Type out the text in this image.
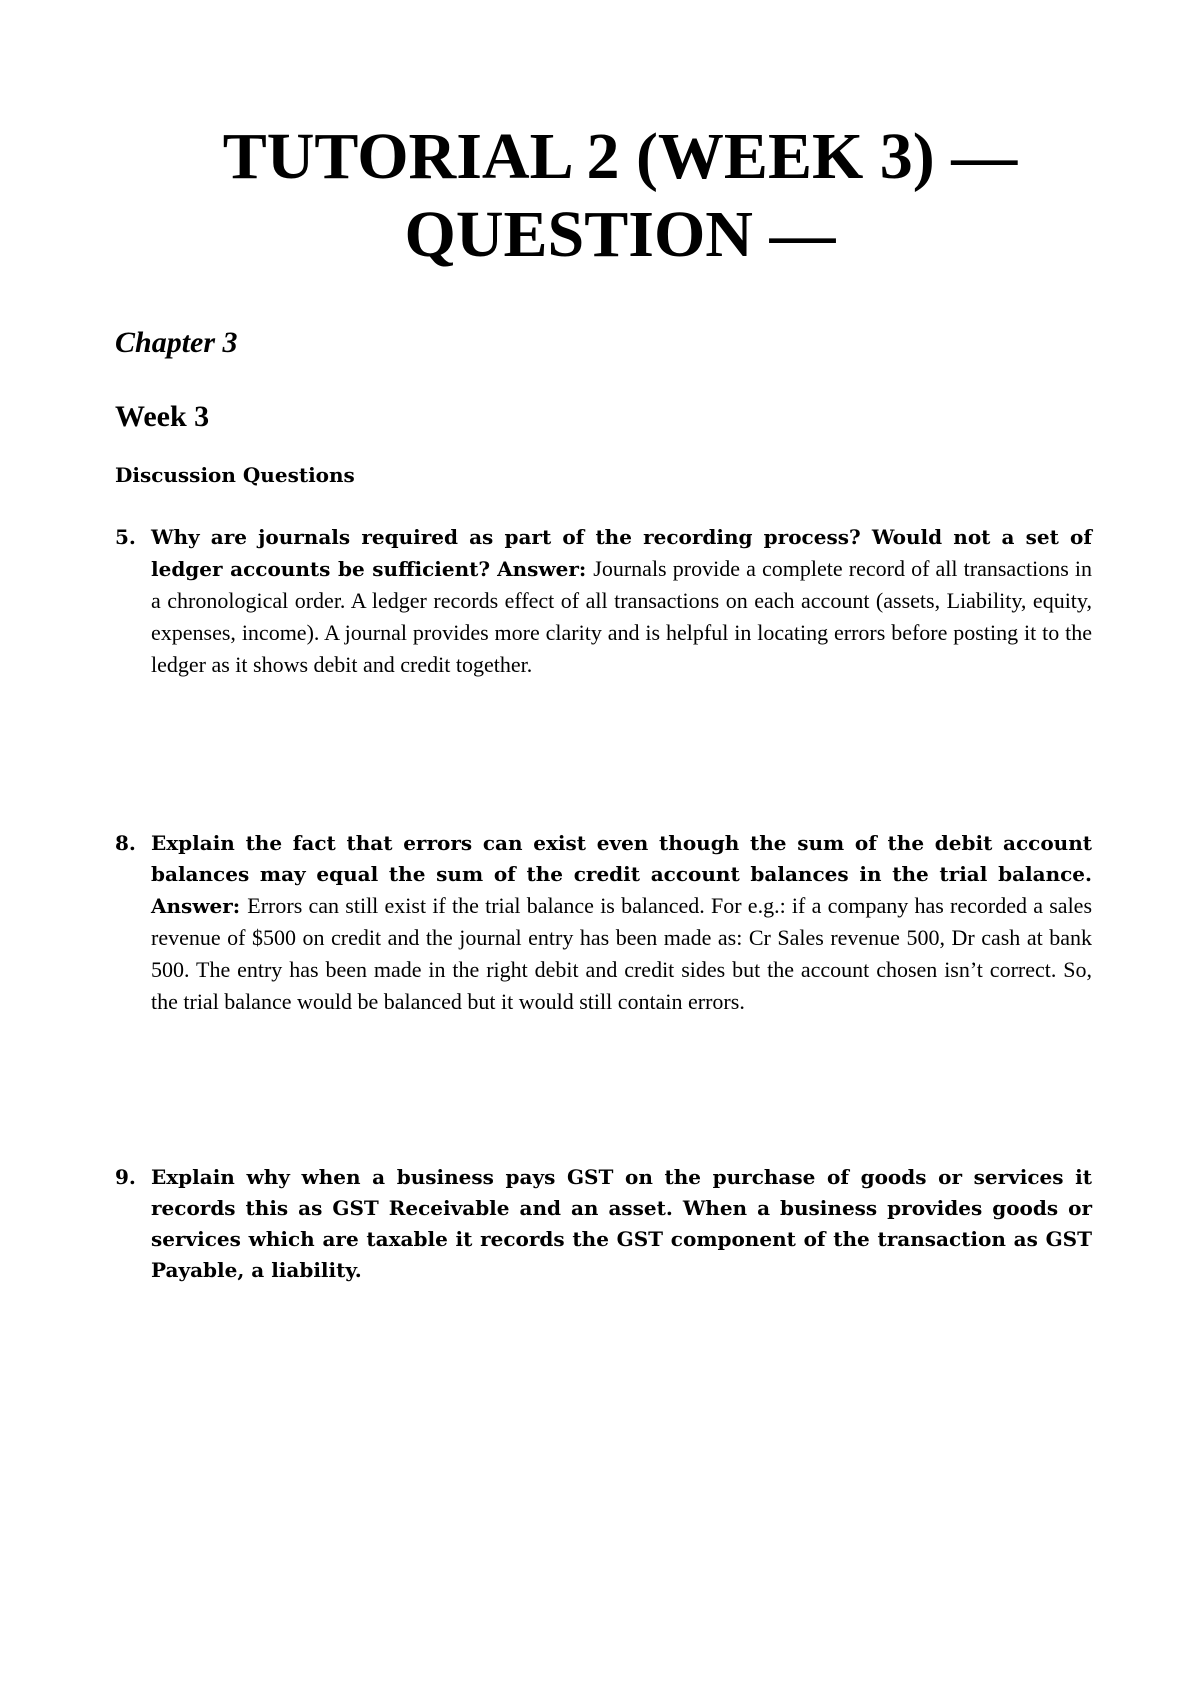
TUTORIAL 2 (WEEK 3) —
QUESTION —
Chapter 3
Week 3
Discussion Questions
5. Why are journals required as part of the recording process? Would not a set of ledger accounts be sufficient? Answer: Journals provide a complete record of all transactions in a chronological order. A ledger records effect of all transactions on each account (assets, Liability, equity, expenses, income). A journal provides more clarity and is helpful in locating errors before posting it to the ledger as it shows debit and credit together.
8. Explain the fact that errors can exist even though the sum of the debit account balances may equal the sum of the credit account balances in the trial balance. Answer: Errors can still exist if the trial balance is balanced. For e.g.: if a company has recorded a sales revenue of $500 on credit and the journal entry has been made as: Cr Sales revenue 500, Dr cash at bank 500. The entry has been made in the right debit and credit sides but the account chosen isn’t correct. So, the trial balance would be balanced but it would still contain errors.
9. Explain why when a business pays GST on the purchase of goods or services it records this as GST Receivable and an asset. When a business provides goods or services which are taxable it records the GST component of the transaction as GST Payable, a liability.
